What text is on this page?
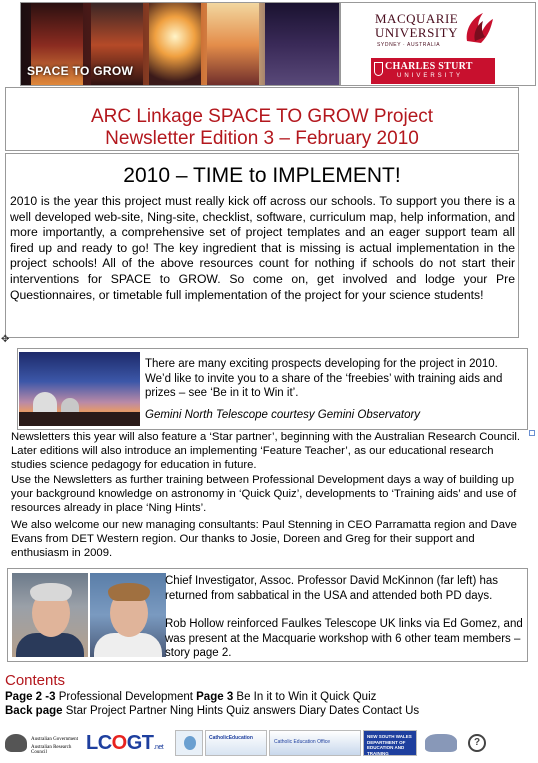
SPACE TO GROW
MACQUARIE
UNIVERSITY
SYDNEY · AUSTRALIA
CHARLES STURT
UNIVERSITY
ARC Linkage SPACE TO GROW Project
Newsletter Edition 3 – February 2010
2010 – TIME to IMPLEMENT!
2010 is the year this project must really kick off across our schools. To support you there is a well developed web-site, Ning-site, checklist, software, curriculum map, help information, and more importantly, a comprehensive set of project templates and an eager support team all fired up and ready to go! The key ingredient that is missing is actual implementation in the project schools! All of the above resources count for nothing if schools do not start their interventions for SPACE to GROW. So come on, get involved and lodge your Pre Questionnaires, or timetable full implementation of the project for your science students!
✥
There are many exciting prospects developing for the project in 2010. We’d like to invite you to a share of the ‘freebies’ with training aids and prizes – see ‘Be in it to Win it’.
Gemini North Telescope courtesy Gemini Observatory
Newsletters this year will also feature a ‘Star partner’, beginning with the Australian Research Council. Later editions will also introduce an implementing ‘Feature Teacher’, as our educational research studies science pedagogy for education in future.
Use the Newsletters as further training between Professional Development days a way of building up your background knowledge on astronomy in ‘Quick Quiz’, developments to ‘Training aids’ and use of resources already in place ‘Ning Hints’.
We also welcome our new managing consultants: Paul Stenning in CEO Parramatta region and Dave Evans from DET Western region. Our thanks to Josie, Doreen and Greg for their support and enthusiasm in 2009.
Chief Investigator, Assoc. Professor David McKinnon (far left) has returned from sabbatical in the USA and attended both PD days.
Rob Hollow reinforced Faulkes Telescope UK links via Ed Gomez, and was present at the Macquarie workshop with 6 other team members – story page 2.
Contents
Page 2 -3 Professional Development Page 3 Be In it to Win it Quick Quiz
Back page Star Project Partner Ning Hints Quiz answers Diary Dates Contact Us
Australian Government
Australian Research Council	LCOGT.net
CatholicEducation
Catholic Education Office
NEW SOUTH WALES DEPARTMENT OF EDUCATION AND TRAINING
?
